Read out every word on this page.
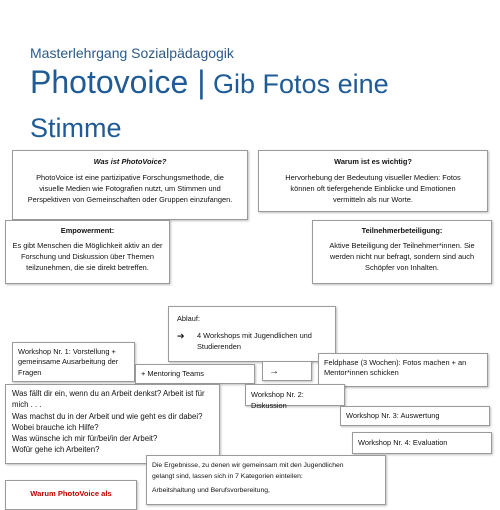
Masterlehrgang Sozialpädagogik
Photovoice | Gib Fotos eine
Stimme

Was ist PhotoVoice?

PhotoVoice ist eine partizipative Forschungsmethode, die

visuelle Medien wie Fotografien nutzt, um Stimmen und

Perspektiven von Gemeinschaften oder Gruppen einzufangen.

Warum ist es wichtig?

Hervorhebung der Bedeutung visueller Medien: Fotos

können oft tiefergehende Einblicke und Emotionen

vermitteln als nur Worte.

Empowerment:

Es gibt Menschen die Möglichkeit aktiv an der

Forschung und Diskussion über Themen

teilzunehmen, die sie direkt betreffen.

Teilnehmerbeteiligung:

Aktive Beteiligung der Teilnehmer*innen. Sie

werden nicht nur befragt, sondern sind auch

Schöpfer von Inhalten.

Ablauf:

➔ 4 Workshops mit Jugendlichen und

Studierenden

Workshop Nr. 1: Vorstellung +

gemeinsame Ausarbeitung der

Fragen	+ Mentoring Teams	→

Feldphase (3 Wochen): Fotos machen + an

Mentor*innen schicken

Was fällt dir ein, wenn du an Arbeit denkst? Arbeit ist für

mich . . .

Was machst du in der Arbeit und wie geht es dir dabei?

Wobei brauche ich Hilfe?

Was wünsche ich mir für/bei/in der Arbeit?

Wofür gehe ich Arbeiten?

Workshop Nr. 2: Diskussion
Workshop Nr. 3: Auswertung
Workshop Nr. 4: Evaluation

Die Ergebnisse, zu denen wir gemeinsam mit den Jugendlichen

gelangt sind, lassen sich in 7 Kategorien einteilen:

Arbeitshaltung und Berufsvorbereitung,

Warum PhotoVoice als
